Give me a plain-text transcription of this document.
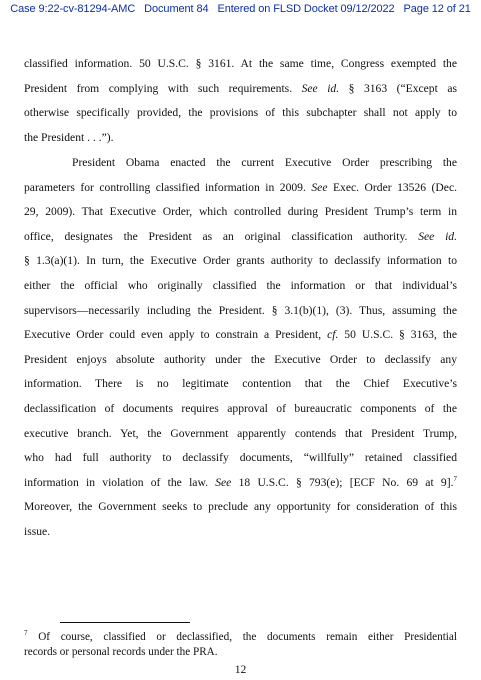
Case 9:22-cv-81294-AMC Document 84 Entered on FLSD Docket 09/12/2022 Page 12 of 21
classified information. 50 U.S.C. § 3161. At the same time, Congress exempted the
President from complying with such requirements. See id. § 3163 (“Except as
otherwise specifically provided, the provisions of this subchapter shall not apply to
the President . . .”).
President Obama enacted the current Executive Order prescribing the
parameters for controlling classified information in 2009. See Exec. Order 13526 (Dec.
29, 2009). That Executive Order, which controlled during President Trump’s term in
office, designates the President as an original classification authority. See id.
§ 1.3(a)(1). In turn, the Executive Order grants authority to declassify information to
either the official who originally classified the information or that individual’s
supervisors—necessarily including the President. § 3.1(b)(1), (3). Thus, assuming the
Executive Order could even apply to constrain a President, cf. 50 U.S.C. § 3163, the
President enjoys absolute authority under the Executive Order to declassify any
information. There is no legitimate contention that the Chief Executive’s
declassification of documents requires approval of bureaucratic components of the
executive branch. Yet, the Government apparently contends that President Trump,
who had full authority to declassify documents, “willfully” retained classified
information in violation of the law. See 18 U.S.C. § 793(e); [ECF No. 69 at 9].$^7$
Moreover, the Government seeks to preclude any opportunity for consideration of this
issue.
$^7$ Of course, classified or declassified, the documents remain either Presidential
records or personal records under the PRA.
12
